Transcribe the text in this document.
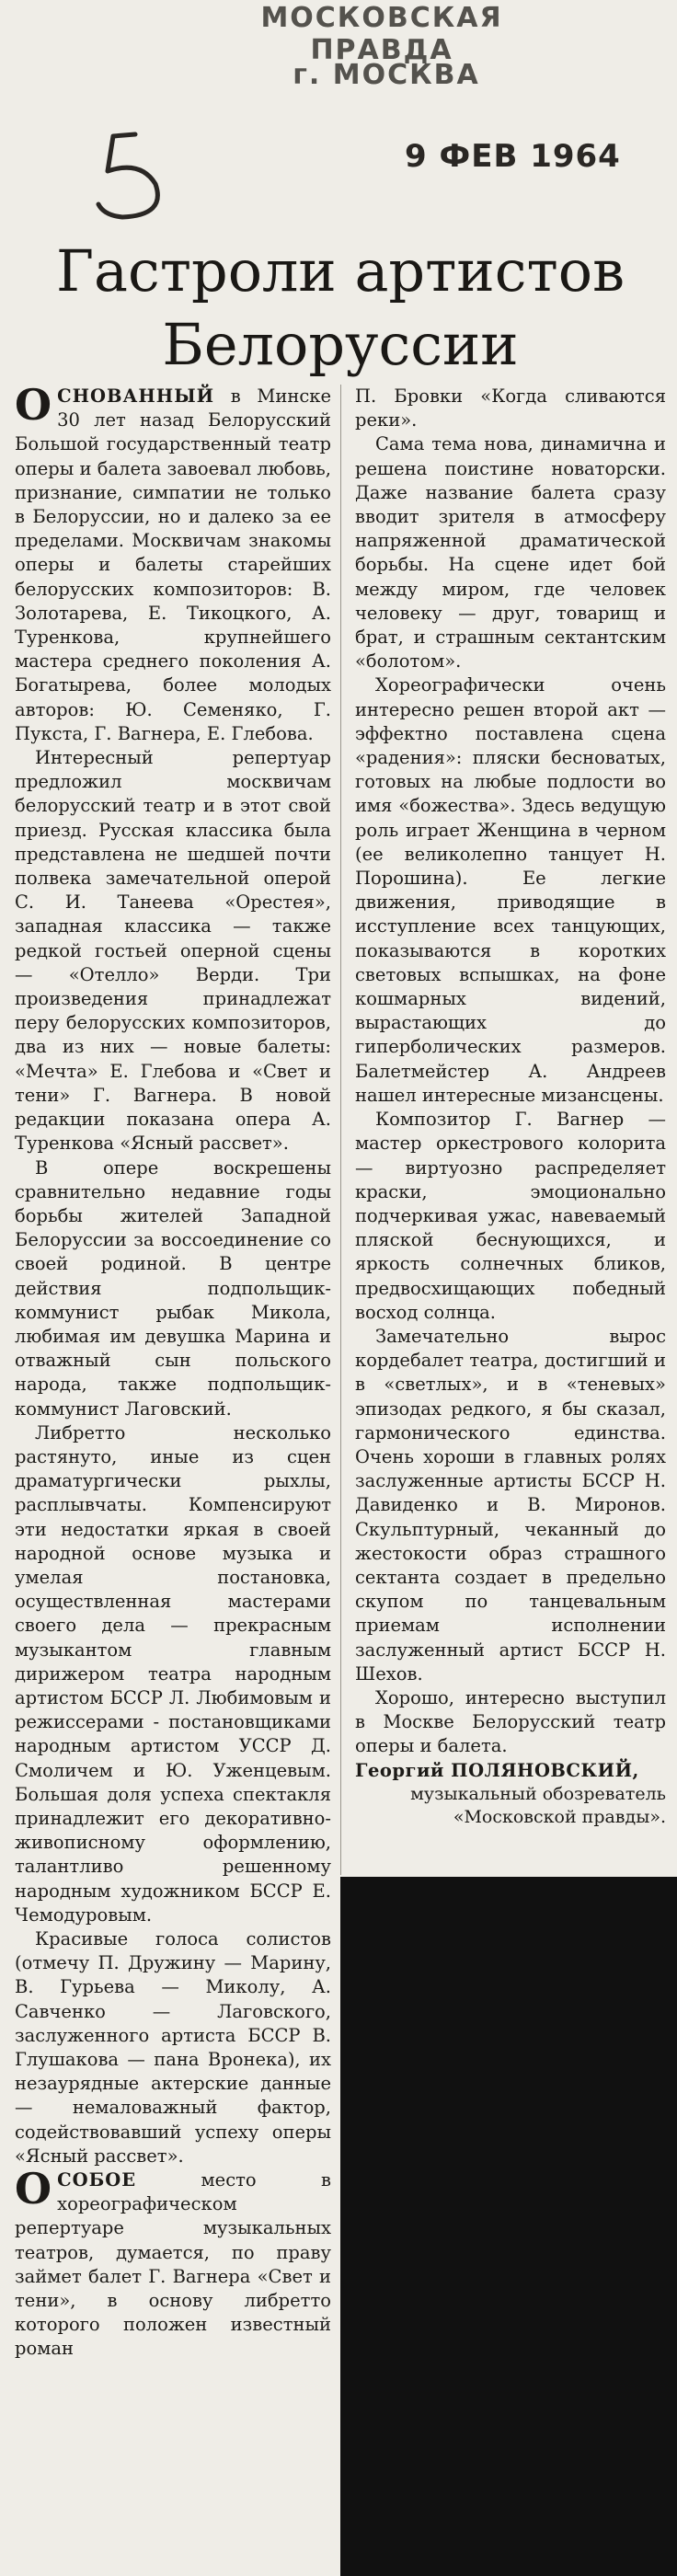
МОСКОВСКАЯ ПРАВДА
г. МОСКВА
9 ФЕВ 1964
Гастроли артистов
Белоруссии

ОСНОВАННЫЙ в Минске 30 лет назад Белорусский Большой государственный театр оперы и балета завоевал любовь, признание, симпатии не только в Белоруссии, но и далеко за ее пределами. Москвичам знакомы оперы и балеты старейших белорусских композиторов: В. Золотарева, Е. Тикоцкого, А. Туренкова, крупнейшего мастера среднего поколения А. Богатырева, более молодых авторов: Ю. Семеняко, Г. Пукста, Г. Вагнера, Е. Глебова.

Интересный репертуар предложил москвичам белорусский театр и в этот свой приезд. Русская классика была представлена не шедшей почти полвека замечательной оперой С. И. Танеева «Орестея», западная классика — также редкой гостьей оперной сцены — «Отелло» Верди. Три произведения принадлежат перу белорусских композиторов, два из них — новые балеты: «Мечта» Е. Глебова и «Свет и тени» Г. Вагнера. В новой редакции показана опера А. Туренкова «Ясный рассвет».

В опере воскрешены сравнительно недавние годы борьбы жителей Западной Белоруссии за воссоединение со своей родиной. В центре действия подпольщик-коммунист рыбак Микола, любимая им девушка Марина и отважный сын польского народа, также подпольщик-коммунист Лаговский.

Либретто несколько растянуто, иные из сцен драматургически рыхлы, расплывчаты. Компенсируют эти недостатки яркая в своей народной основе музыка и умелая постановка, осуществленная мастерами своего дела — прекрасным музыкантом главным дирижером театра народным артистом БССР Л. Любимовым и режиссерами - постановщиками народным артистом УССР Д. Смоличем и Ю. Уженцевым. Большая доля успеха спектакля принадлежит его декоративно-живописному оформлению, талантливо решенному народным художником БССР Е. Чемодуровым.

Красивые голоса солистов (отмечу П. Дружину — Марину, В. Гурьева — Миколу, А. Савченко — Лаговского, заслуженного артиста БССР В. Глушакова — пана Вронека), их незаурядные актерские данные — немаловажный фактор, содействовавший успеху оперы «Ясный рассвет».

ОСОБОЕ место в хореографическом репертуаре музыкальных театров, думается, по праву займет балет Г. Вагнера «Свет и тени», в основу либретто которого положен известный роман

П. Бровки «Когда сливаются реки».

Сама тема нова, динамична и решена поистине новаторски. Даже название балета сразу вводит зрителя в атмосферу напряженной драматической борьбы. На сцене идет бой между миром, где человек человеку — друг, товарищ и брат, и страшным сектантским «болотом».

Хореографически очень интересно решен второй акт — эффектно поставлена сцена «радения»: пляски бесноватых, готовых на любые подлости во имя «божества». Здесь ведущую роль играет Женщина в черном (ее великолепно танцует Н. Порошина). Ее легкие движения, приводящие в исступление всех танцующих, показываются в коротких световых вспышках, на фоне кошмарных видений, вырастающих до гиперболических размеров. Балетмейстер А. Андреев нашел интересные мизансцены.

Композитор Г. Вагнер — мастер оркестрового колорита — виртуозно распределяет краски, эмоционально подчеркивая ужас, навеваемый пляской беснующихся, и яркость солнечных бликов, предвосхищающих победный восход солнца.

Замечательно вырос кордебалет театра, достигший и в «светлых», и в «теневых» эпизодах редкого, я бы сказал, гармонического единства. Очень хороши в главных ролях заслуженные артисты БССР Н. Давиденко и В. Миронов. Скульптурный, чеканный до жестокости образ страшного сектанта создает в предельно скупом по танцевальным приемам исполнении заслуженный артист БССР Н. Шехов.

Хорошо, интересно выступил в Москве Белорусский театр оперы и балета.

Георгий ПОЛЯНОВСКИЙ,

музыкальный обозреватель «Московской правды».
